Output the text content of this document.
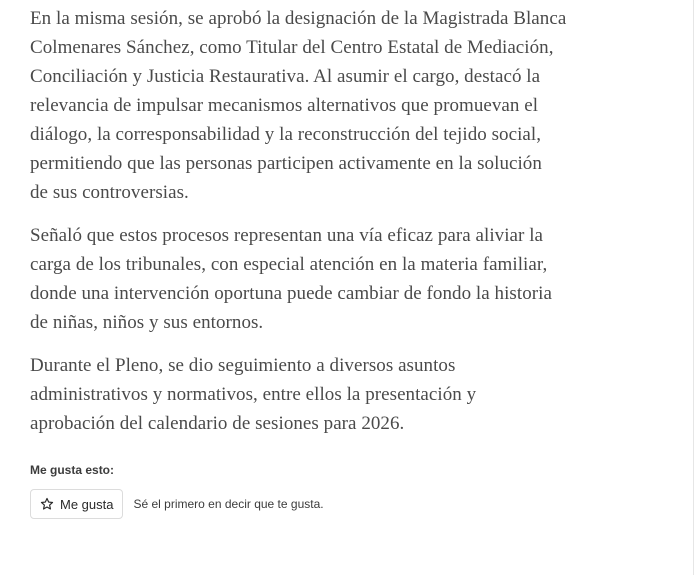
En la misma sesión, se aprobó la designación de la Magistrada Blanca
Colmenares Sánchez, como Titular del Centro Estatal de Mediación,
Conciliación y Justicia Restaurativa. Al asumir el cargo, destacó la
relevancia de impulsar mecanismos alternativos que promuevan el
diálogo, la corresponsabilidad y la reconstrucción del tejido social,
permitiendo que las personas participen activamente en la solución
de sus controversias.

Señaló que estos procesos representan una vía eficaz para aliviar la
carga de los tribunales, con especial atención en la materia familiar,
donde una intervención oportuna puede cambiar de fondo la historia
de niñas, niños y sus entornos.

Durante el Pleno, se dio seguimiento a diversos asuntos
administrativos y normativos, entre ellos la presentación y
aprobación del calendario de sesiones para 2026.

Me gusta esto:
Me gusta Sé el primero en decir que te gusta.
